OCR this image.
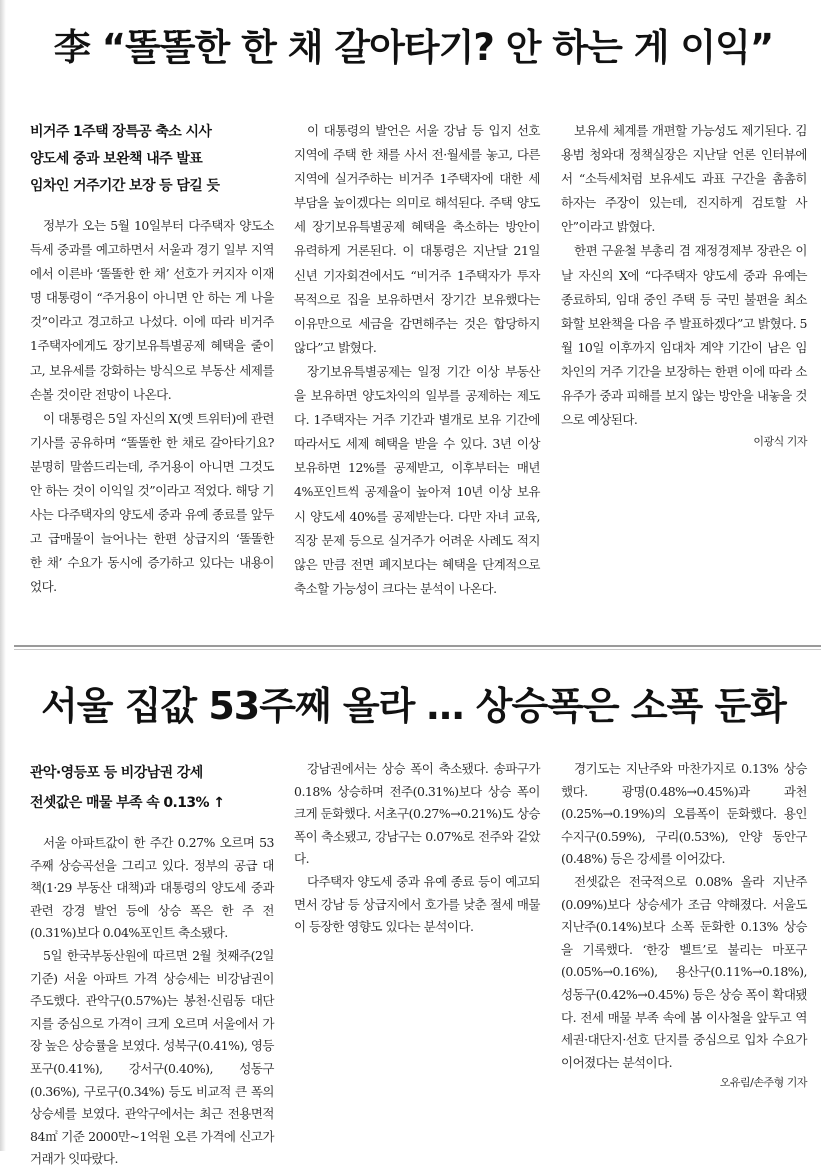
李 “똘똘한 한 채 갈아타기? 안 하는 게 이익”
비거주 1주택 장특공 축소 시사
양도세 중과 보완책 내주 발표
임차인 거주기간 보장 등 담길 듯

정부가 오는 5월 10일부터 다주택자 양도소득세 중과를 예고하면서 서울과 경기 일부 지역에서 이른바 ‘똘똘한 한 채’ 선호가 커지자 이재명 대통령이 “주거용이 아니면 안 하는 게 나을 것”이라고 경고하고 나섰다. 이에 따라 비거주 1주택자에게도 장기보유특별공제 혜택을 줄이고, 보유세를 강화하는 방식으로 부동산 세제를 손볼 것이란 전망이 나온다.

이 대통령은 5일 자신의 X(옛 트위터)에 관련 기사를 공유하며 “똘똘한 한 채로 갈아타기요? 분명히 말씀드리는데, 주거용이 아니면 그것도 안 하는 것이 이익일 것”이라고 적었다. 해당 기사는 다주택자의 양도세 중과 유예 종료를 앞두고 급매물이 늘어나는 한편 상급지의 ‘똘똘한 한 채’ 수요가 동시에 증가하고 있다는 내용이었다.

이 대통령의 발언은 서울 강남 등 입지 선호 지역에 주택 한 채를 사서 전·월세를 놓고, 다른 지역에 실거주하는 비거주 1주택자에 대한 세 부담을 높이겠다는 의미로 해석된다. 주택 양도세 장기보유특별공제 혜택을 축소하는 방안이 유력하게 거론된다. 이 대통령은 지난달 21일 신년 기자회견에서도 “비거주 1주택자가 투자 목적으로 집을 보유하면서 장기간 보유했다는 이유만으로 세금을 감면해주는 것은 합당하지 않다”고 밝혔다.

장기보유특별공제는 일정 기간 이상 부동산을 보유하면 양도차익의 일부를 공제하는 제도다. 1주택자는 거주 기간과 별개로 보유 기간에 따라서도 세제 혜택을 받을 수 있다. 3년 이상 보유하면 12%를 공제받고, 이후부터는 매년 4%포인트씩 공제율이 높아져 10년 이상 보유 시 양도세 40%를 공제받는다. 다만 자녀 교육, 직장 문제 등으로 실거주가 어려운 사례도 적지 않은 만큼 전면 폐지보다는 혜택을 단계적으로 축소할 가능성이 크다는 분석이 나온다.

보유세 체계를 개편할 가능성도 제기된다. 김용범 청와대 정책실장은 지난달 언론 인터뷰에서 “소득세처럼 보유세도 과표 구간을 촘촘히 하자는 주장이 있는데, 진지하게 검토할 사안”이라고 밝혔다.

한편 구윤철 부총리 겸 재정경제부 장관은 이날 자신의 X에 “다주택자 양도세 중과 유예는 종료하되, 임대 중인 주택 등 국민 불편을 최소화할 보완책을 다음 주 발표하겠다”고 밝혔다. 5월 10일 이후까지 임대차 계약 기간이 남은 임차인의 거주 기간을 보장하는 한편 이에 따라 소유주가 중과 피해를 보지 않는 방안을 내놓을 것으로 예상된다.

이광식 기자
서울 집값 53주째 올라 … 상승폭은 소폭 둔화
관악·영등포 등 비강남권 강세
전셋값은 매물 부족 속 0.13% ↑

서울 아파트값이 한 주간 0.27% 오르며 53주째 상승곡선을 그리고 있다. 정부의 공급 대책(1·29 부동산 대책)과 대통령의 양도세 중과 관련 강경 발언 등에 상승 폭은 한 주 전(0.31%)보다 0.04%포인트 축소됐다.

5일 한국부동산원에 따르면 2월 첫째주(2일 기준) 서울 아파트 가격 상승세는 비강남권이 주도했다. 관악구(0.57%)는 봉천·신림동 대단지를 중심으로 가격이 크게 오르며 서울에서 가장 높은 상승률을 보였다. 성북구(0.41%), 영등포구(0.41%), 강서구(0.40%), 성동구(0.36%), 구로구(0.34%) 등도 비교적 큰 폭의 상승세를 보였다. 관악구에서는 최근 전용면적 84㎡ 기준 2000만~1억원 오른 가격에 신고가 거래가 잇따랐다.

강남권에서는 상승 폭이 축소됐다. 송파구가 0.18% 상승하며 전주(0.31%)보다 상승 폭이 크게 둔화했다. 서초구(0.27%→0.21%)도 상승 폭이 축소됐고, 강남구는 0.07%로 전주와 같았다.

다주택자 양도세 중과 유예 종료 등이 예고되면서 강남 등 상급지에서 호가를 낮춘 절세 매물이 등장한 영향도 있다는 분석이다.

경기도는 지난주와 마찬가지로 0.13% 상승했다. 광명(0.48%→0.45%)과 과천(0.25%→0.19%)의 오름폭이 둔화했다. 용인 수지구(0.59%), 구리(0.53%), 안양 동안구(0.48%) 등은 강세를 이어갔다.

전셋값은 전국적으로 0.08% 올라 지난주(0.09%)보다 상승세가 조금 약해졌다. 서울도 지난주(0.14%)보다 소폭 둔화한 0.13% 상승을 기록했다. ‘한강 벨트’로 불리는 마포구(0.05%→0.16%), 용산구(0.11%→0.18%), 성동구(0.42%→0.45%) 등은 상승 폭이 확대됐다. 전세 매물 부족 속에 봄 이사철을 앞두고 역세권·대단지·선호 단지를 중심으로 입차 수요가 이어졌다는 분석이다.

오유림/손주형 기자
